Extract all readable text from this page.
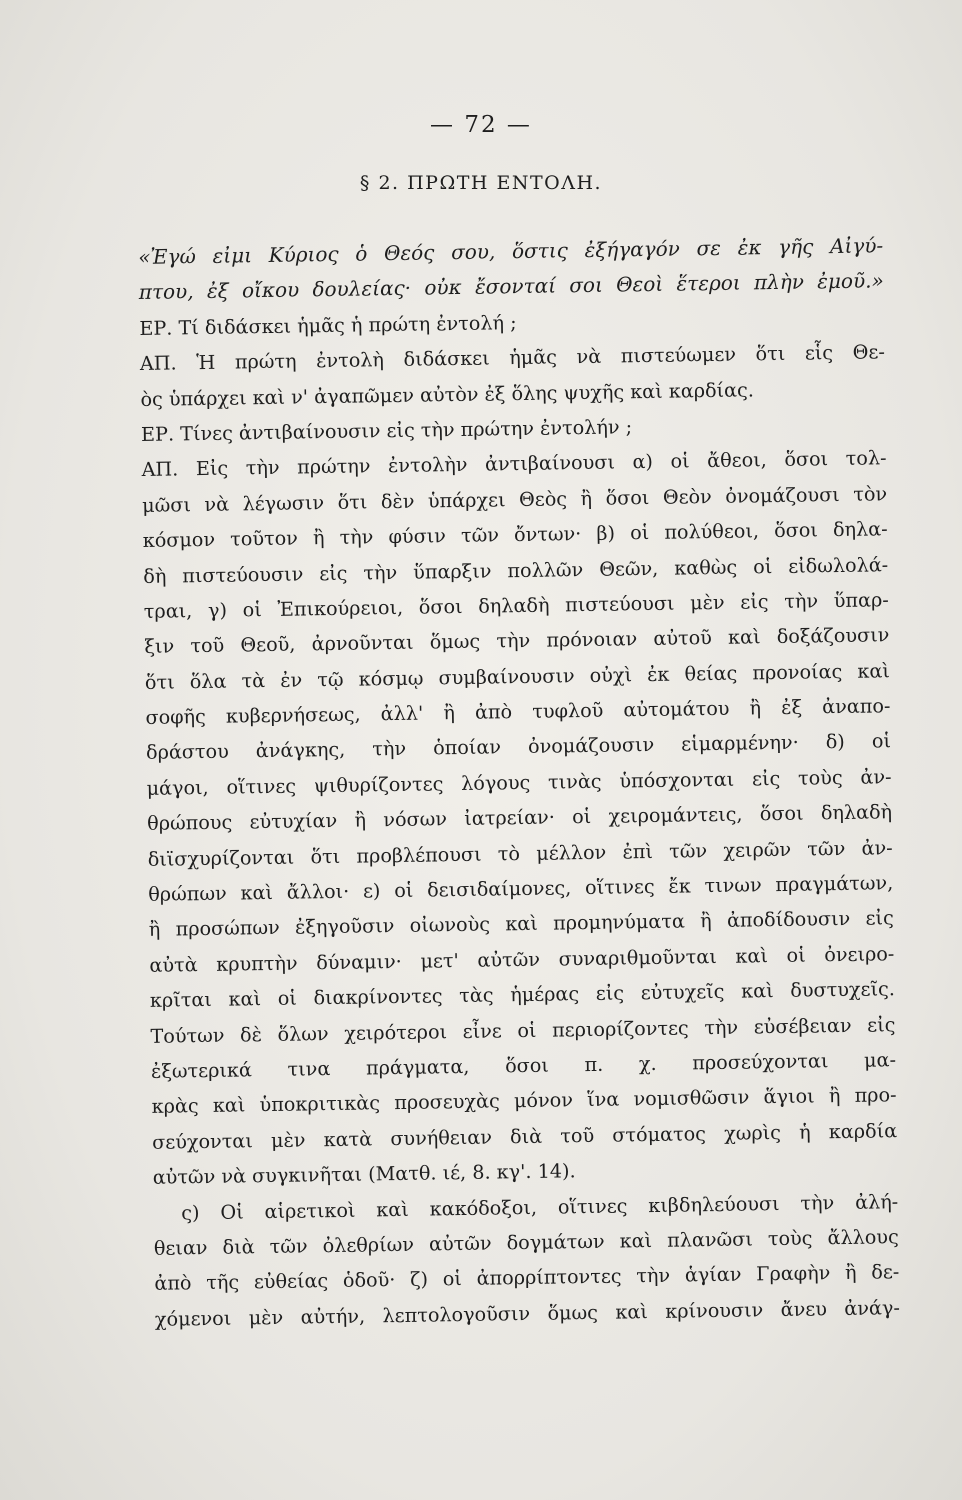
— 72 —
§ 2. ΠΡΩΤΗ ΕΝΤΟΛΗ.
«Ἐγώ εἰμι Κύριος ὁ Θεός σου, ὅστις ἐξήγαγόν σε ἐκ γῆς Αἰγύ-
πτου, ἐξ οἴκου δουλείας· οὐκ ἔσονταί σοι Θεοὶ ἕτεροι πλὴν ἐμοῦ.»
ΕΡ. Τί διδάσκει ἡμᾶς ἡ πρώτη ἐντολή ;
ΑΠ. Ἡ πρώτη ἐντολὴ διδάσκει ἡμᾶς νὰ πιστεύωμεν ὅτι εἷς Θε-
ὸς ὑπάρχει καὶ ν' ἀγαπῶμεν αὐτὸν ἐξ ὅλης ψυχῆς καὶ καρδίας.
ΕΡ. Τίνες ἀντιβαίνουσιν εἰς τὴν πρώτην ἐντολήν ;
ΑΠ. Εἰς τὴν πρώτην ἐντολὴν ἀντιβαίνουσι α) οἱ ἄθεοι, ὅσοι τολ-
μῶσι νὰ λέγωσιν ὅτι δὲν ὑπάρχει Θεὸς ἢ ὅσοι Θεὸν ὀνομάζουσι τὸν
κόσμον τοῦτον ἢ τὴν φύσιν τῶν ὄντων· β) οἱ πολύθεοι, ὅσοι δηλα-
δὴ πιστεύουσιν εἰς τὴν ὕπαρξιν πολλῶν Θεῶν, καθὼς οἱ εἰδωλολά-
τραι, γ) οἱ Ἐπικούρειοι, ὅσοι δηλαδὴ πιστεύουσι μὲν εἰς τὴν ὕπαρ-
ξιν τοῦ Θεοῦ, ἀρνοῦνται ὅμως τὴν πρόνοιαν αὐτοῦ καὶ δοξάζουσιν
ὅτι ὅλα τὰ ἐν τῷ κόσμῳ συμβαίνουσιν οὐχὶ ἐκ θείας προνοίας καὶ
σοφῆς κυβερνήσεως, ἀλλ' ἢ ἀπὸ τυφλοῦ αὐτομάτου ἢ ἐξ ἀναπο-
δράστου ἀνάγκης, τὴν ὁποίαν ὀνομάζουσιν εἱμαρμένην· δ) οἱ
μάγοι, οἵτινες ψιθυρίζοντες λόγους τινὰς ὑπόσχονται εἰς τοὺς ἀν-
θρώπους εὐτυχίαν ἢ νόσων ἰατρείαν· οἱ χειρομάντεις, ὅσοι δηλαδὴ
διϊσχυρίζονται ὅτι προβλέπουσι τὸ μέλλον ἐπὶ τῶν χειρῶν τῶν ἀν-
θρώπων καὶ ἄλλοι· ε) οἱ δεισιδαίμονες, οἵτινες ἔκ τινων πραγμάτων,
ἢ προσώπων ἐξηγοῦσιν οἰωνοὺς καὶ προμηνύματα ἢ ἀποδίδουσιν εἰς
αὐτὰ κρυπτὴν δύναμιν· μετ' αὐτῶν συναριθμοῦνται καὶ οἱ ὀνειρο-
κρῖται καὶ οἱ διακρίνοντες τὰς ἡμέρας εἰς εὐτυχεῖς καὶ δυστυχεῖς.
Τούτων δὲ ὅλων χειρότεροι εἶνε οἱ περιορίζοντες τὴν εὐσέβειαν εἰς
ἐξωτερικά τινα πράγματα, ὅσοι π. χ. προσεύχονται μα-
κρὰς καὶ ὑποκριτικὰς προσευχὰς μόνον ἵνα νομισθῶσιν ἅγιοι ἢ προ-
σεύχονται μὲν κατὰ συνήθειαν διὰ τοῦ στόματος χωρὶς ἡ καρδία
αὐτῶν νὰ συγκινῆται (Ματθ. ιέ, 8. κγ'. 14).
ς) Οἱ αἱρετικοὶ καὶ κακόδοξοι, οἵτινες κιβδηλεύουσι τὴν ἀλή-
θειαν διὰ τῶν ὀλεθρίων αὐτῶν δογμάτων καὶ πλανῶσι τοὺς ἄλλους
ἀπὸ τῆς εὐθείας ὁδοῦ· ζ) οἱ ἀπορρίπτοντες τὴν ἁγίαν Γραφὴν ἢ δε-
χόμενοι μὲν αὐτήν, λεπτολογοῦσιν ὅμως καὶ κρίνουσιν ἄνευ ἀνάγ-
